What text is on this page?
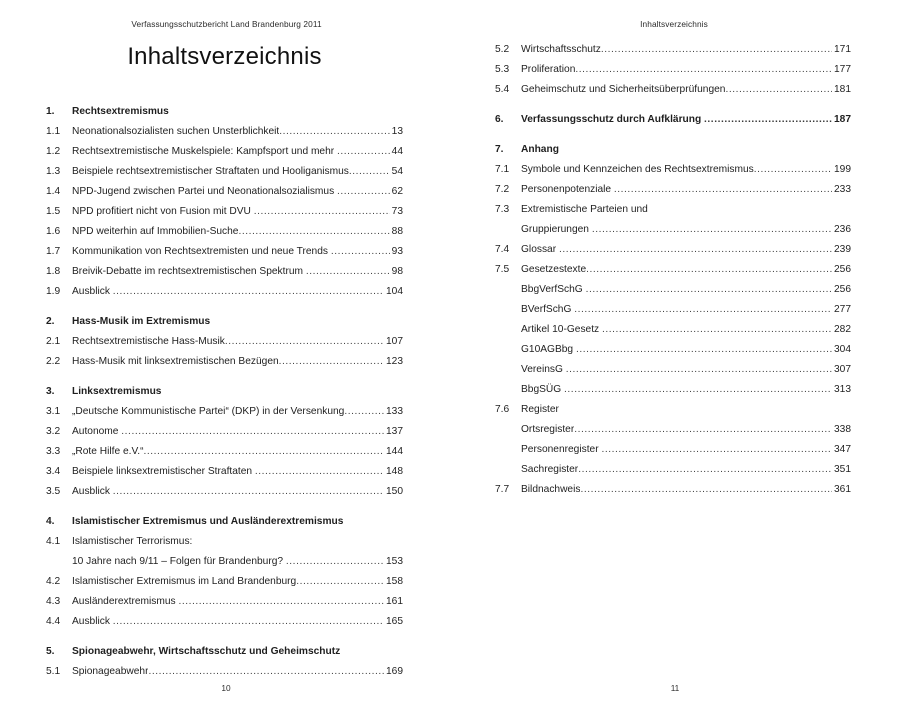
Verfassungsschutzbericht Land Brandenburg 2011
Inhaltsverzeichnis
1.	Rechtsextremismus
1.1	Neonationalsozialisten suchen Unsterblichkeit .....	13
1.2	Rechtsextremistische Muskelspiele: Kampfsport und mehr .....	44
1.3	Beispiele rechtsextremistischer Straftaten und Hooliganismus .....	54
1.4	NPD-Jugend zwischen Partei und Neonationalsozialismus .....	62
1.5	NPD profitiert nicht von Fusion mit DVU .....	73
1.6	NPD weiterhin auf Immobilien-Suche .....	88
1.7	Kommunikation von Rechtsextremisten und neue Trends .....	93
1.8	Breivik-Debatte im rechtsextremistischen Spektrum .....	98
1.9	Ausblick .....	104
2.	Hass-Musik im Extremismus
2.1	Rechtsextremistische Hass-Musik .....	107
2.2	Hass-Musik mit linksextremistischen Bezügen .....	123
3.	Linksextremismus
3.1	„Deutsche Kommunistische Partei“ (DKP) in der Versenkung .....	133
3.2	Autonome .....	137
3.3	„Rote Hilfe e.V.“ .....	144
3.4	Beispiele linksextremistischer Straftaten .....	148
3.5	Ausblick .....	150
4.	Islamistischer Extremismus und Ausländerextremismus
4.1	Islamistischer Terrorismus:
10 Jahre nach 9/11 – Folgen für Brandenburg? .....	153
4.2	Islamistischer Extremismus im Land Brandenburg .....	158
4.3	Ausländerextremismus .....	161
4.4	Ausblick .....	165
5.	Spionageabwehr, Wirtschaftsschutz und Geheimschutz
5.1	Spionageabwehr .....	169
10
Inhaltsverzeichnis
5.2	Wirtschaftsschutz .....	171
5.3	Proliferation .....	177
5.4	Geheimschutz und Sicherheitsüberprüfungen .....	181
6.	Verfassungsschutz durch Aufklärung .....	187
7.	Anhang
7.1	Symbole und Kennzeichen des Rechtsextremismus .....	199
7.2	Personenpotenziale .....	233
7.3	Extremistische Parteien und
Gruppierungen .....	236
7.4	Glossar .....	239
7.5	Gesetzestexte .....	256
BbgVerfSchG .....	256
BVerfSchG .....	277
Artikel 10-Gesetz .....	282
G10AGBbg .....	304
VereinsG .....	307
BbgSÜG .....	313
7.6	Register
Ortsregister .....	338
Personenregister .....	347
Sachregister .....	351
7.7	Bildnachweis .....	361
11
